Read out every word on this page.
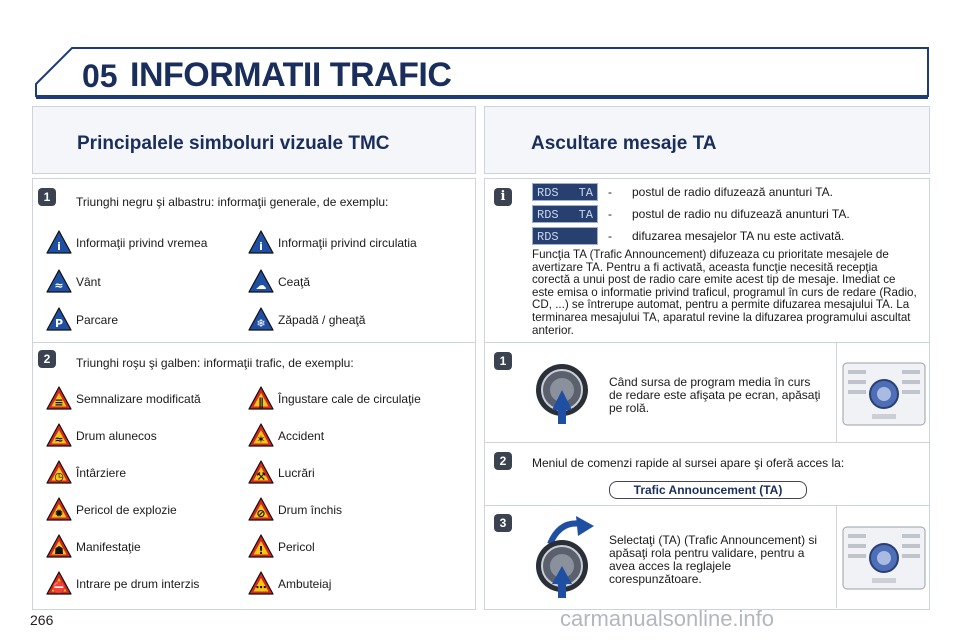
05 INFORMATII TRAFIC
Principalele simboluri vizuale TMC	Ascultare mesaje TA
1	Triunghi negru şi albastru: informaţii generale, de exemplu:
i Informaţii privind vremea	i Informaţii privind circulatia
≈ Vânt	☁ Ceaţă
P Parcare	❄ Zăpadă / gheaţă
2	Triunghi roşu şi galben: informaţii trafic, de exemplu:
≡ Semnalizare modificată	∥ Îngustare cale de circulaţie
≈ Drum alunecos	✶ Accident
◷ Întârziere	⚒ Lucrări
✹ Pericol de explozie	⊘ Drum închis
☗ Manifestaţie	! Pericol
⛔ Intrare pe drum interzis	⋯ Ambuteiaj
i	RDS TA - postul de radio difuzează anunturi TA.
RDS TA - postul de radio nu difuzează anunturi TA.
RDS	- difuzarea mesajelor TA nu este activată.
Funcţia TA (Trafic Announcement) difuzeaza cu prioritate mesajele de avertizare TA. Pentru a fi activată, aceasta funcţie necesită recepţia corectă a unui post de radio care emite acest tip de mesaje. Imediat ce este emisa o informatie privind traficul, programul în curs de redare (Radio, CD, ...) se întrerupe automat, pentru a permite difuzarea mesajului TA. La terminarea mesajului TA, aparatul revine la difuzarea programului ascultat anterior.
1
Când sursa de program media în curs de redare este afişata pe ecran, apăsaţi pe rolă.
2	Meniul de comenzi rapide al sursei apare şi oferă acces la:
Trafic Announcement (TA)
3
Selectaţi (TA) (Trafic Announcement) si apăsaţi rola pentru validare, pentru a avea acces la reglajele corespunzătoare.
266	carmanualsonline.info
